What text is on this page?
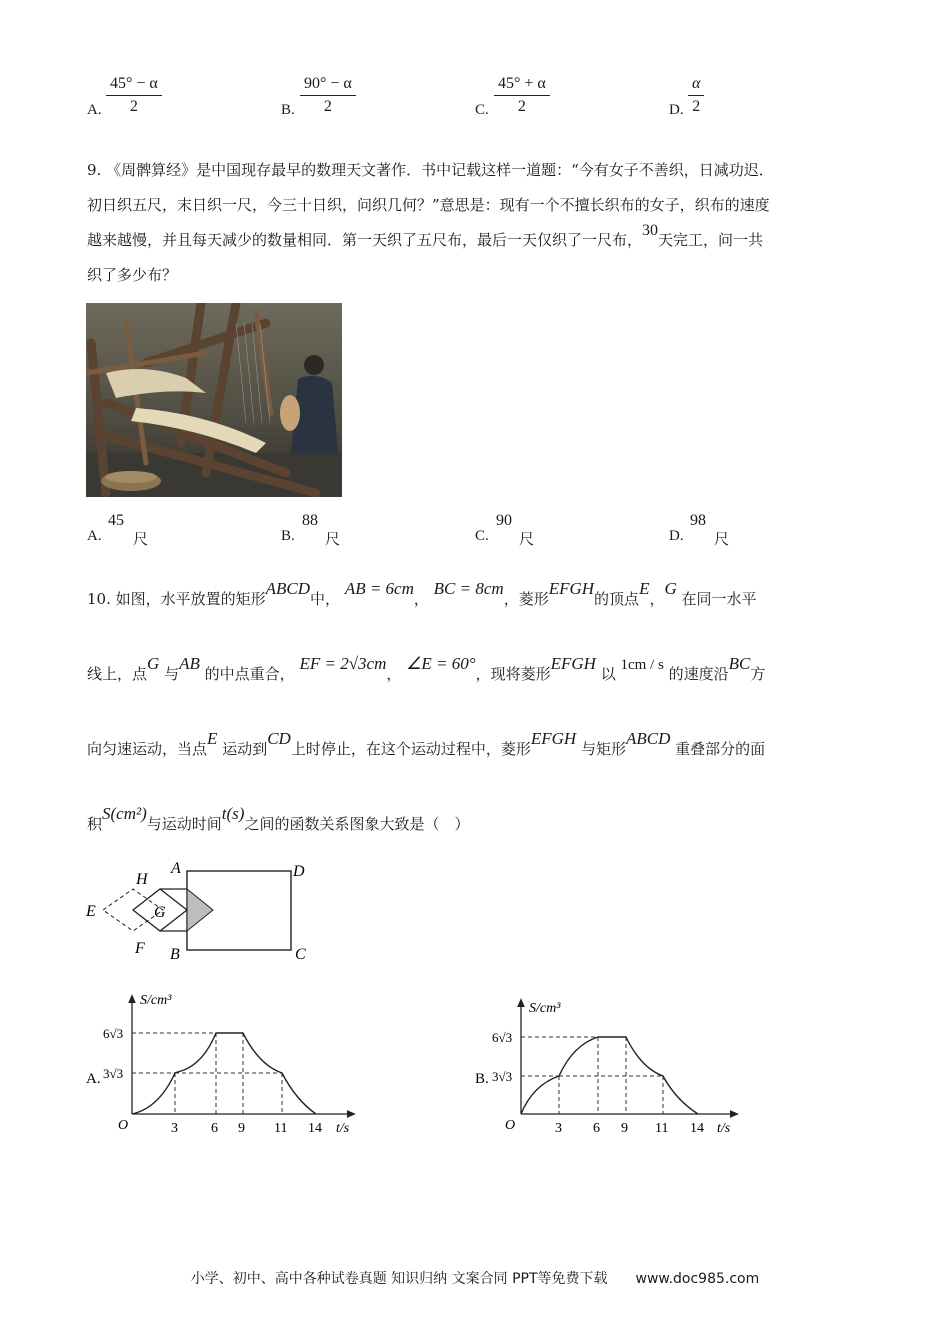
A. $\frac{45^\circ - \alpha}{2}$	B. $\frac{90^\circ - \alpha}{2}$	C. $\frac{45^\circ + \alpha}{2}$	D. $\frac{\alpha}{2}$
9. 《周髀算经》是中国现存最早的数理天文著作．书中记载这样一道题：“今有女子不善织，日减功迟．
初日织五尺，末日织一尺，今三十日织，问织几何？”意思是：现有一个不擅长织布的女子，织布的速度
越来越慢，并且每天减少的数量相同．第一天织了五尺布，最后一天仅织了一尺布，30天完工，问一共
织了多少布？
A.
45
尺	B.
88
尺	C.
90
尺	D.
98
尺
10. 如图，水平放置的矩形ABCD中， AB = 6cm， BC = 8cm，菱形EFGH的顶点E，G 在同一水平
线上，点G 与AB 的中点重合， EF = 2√3cm， ∠E = 60°，现将菱形EFGH 以 1cm / s 的速度沿BC方
向匀速运动，当点E 运动到CD上时停止，在这个运动过程中，菱形EFGH 与矩形ABCD 重叠部分的面
积S(cm²)与运动时间t(s)之间的函数关系图象大致是（　）
A
B	C
D
E
F
G
H
A.
S/cm³
t/s
O
6√3
3√3
3 6 9 11 14
B.
S/cm³
t/s
O
6√3
3√3
3 6 9 11 14
小学、初中、高中各种试卷真题 知识归纳 文案合同 PPT等免费下载　　www.doc985.com
